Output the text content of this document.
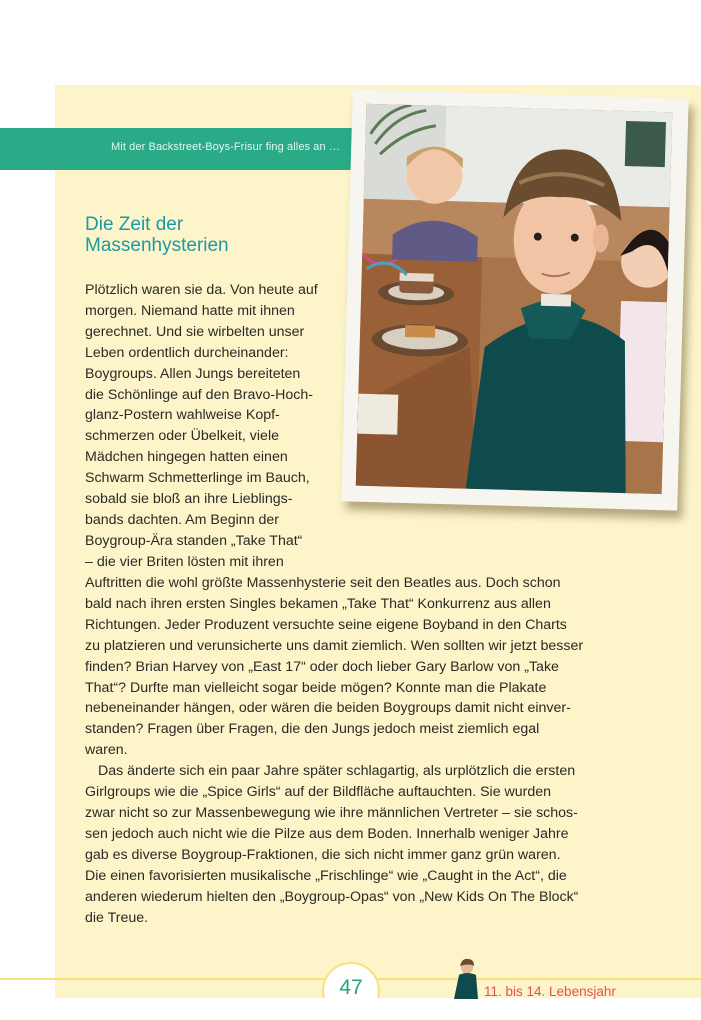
Mit der Backstreet-Boys-Frisur fing alles an …
Die Zeit der
Massenhysterien

Plötzlich waren sie da. Von heute auf
morgen. Niemand hatte mit ihnen
gerechnet. Und sie wirbelten unser
Leben ordentlich durcheinander:
Boygroups. Allen Jungs bereiteten
die Schönlinge auf den Bravo-Hoch-
glanz-Postern wahlweise Kopf-
schmerzen oder Übelkeit, viele
Mädchen hingegen hatten einen
Schwarm Schmetterlinge im Bauch,
sobald sie bloß an ihre Lieblings-
bands dachten. Am Beginn der
Boygroup-Ära standen „Take That“
– die vier Briten lösten mit ihren

Auftritten die wohl größte Massenhysterie seit den Beatles aus. Doch schon
bald nach ihren ersten Singles bekamen „Take That“ Konkurrenz aus allen
Richtungen. Jeder Produzent versuchte seine eigene Boyband in den Charts
zu platzieren und verunsicherte uns damit ziemlich. Wen sollten wir jetzt besser
finden? Brian Harvey von „East 17“ oder doch lieber Gary Barlow von „Take
That“? Durfte man vielleicht sogar beide mögen? Konnte man die Plakate
nebeneinander hängen, oder wären die beiden Boygroups damit nicht einver-
standen? Fragen über Fragen, die den Jungs jedoch meist ziemlich egal
waren.

Das änderte sich ein paar Jahre später schlagartig, als urplötzlich die ersten
Girlgroups wie die „Spice Girls“ auf der Bildfläche auftauchten. Sie wurden
zwar nicht so zur Massenbewegung wie ihre männlichen Vertreter – sie schos-
sen jedoch auch nicht wie die Pilze aus dem Boden. Innerhalb weniger Jahre
gab es diverse Boygroup-Fraktionen, die sich nicht immer ganz grün waren.
Die einen favorisierten musikalische „Frischlinge“ wie „Caught in the Act“, die
anderen wiederum hielten den „Boygroup-Opas“ von „New Kids On The Block“
die Treue.

47	11. bis 14. Lebensjahr
